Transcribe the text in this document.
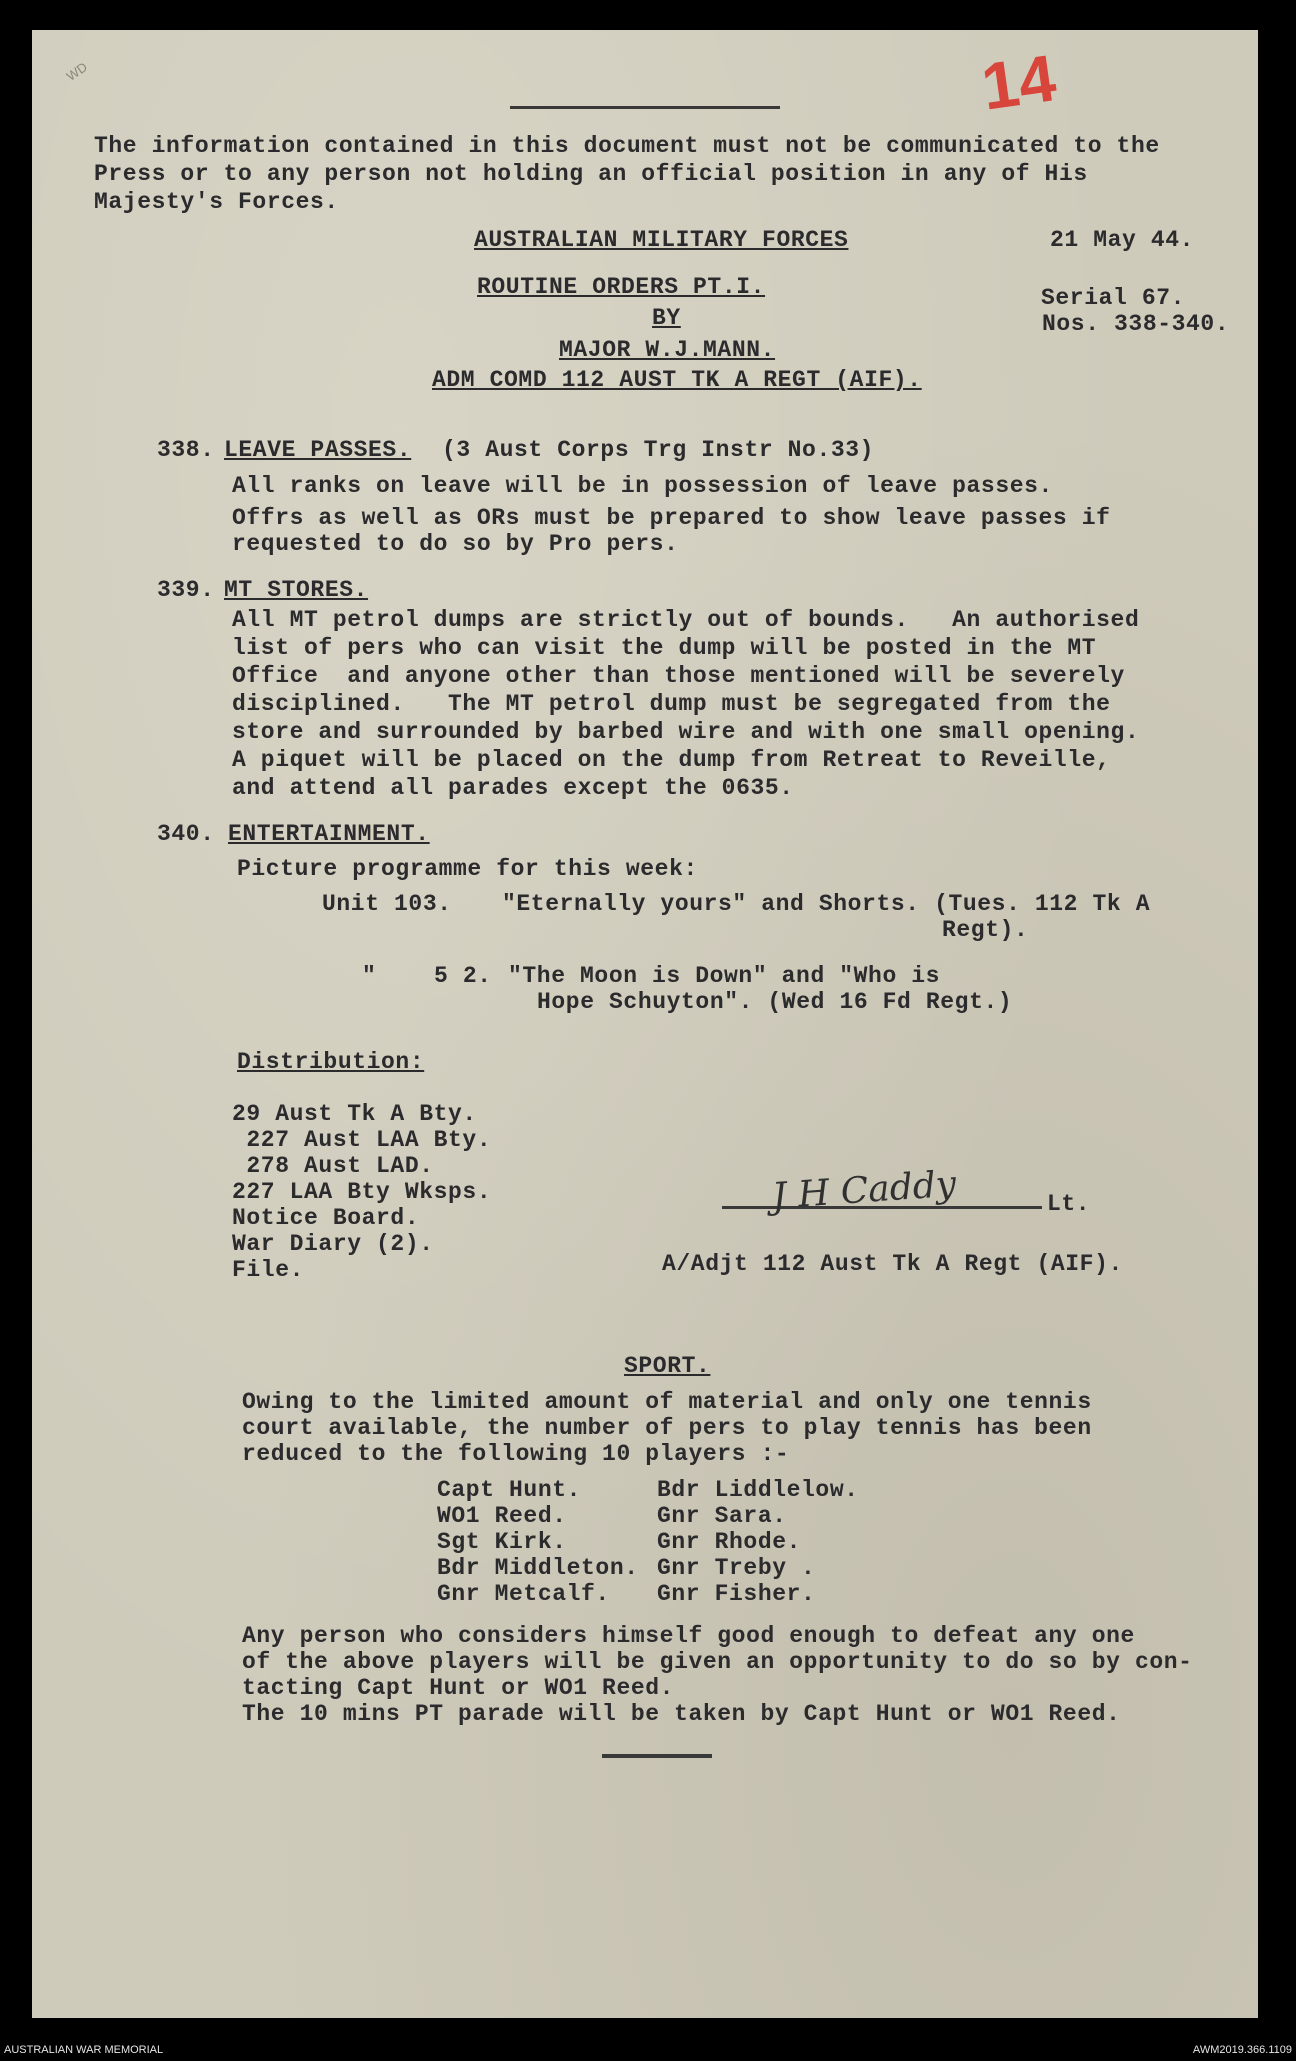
14
WD
The information contained in this document must not be communicated to the
Press or to any person not holding an official position in any of His
Majesty's Forces.
AUSTRALIAN MILITARY FORCES
ROUTINE ORDERS PT.I.
BY
MAJOR W.J.MANN.
ADM COMD 112 AUST TK A REGT (AIF).
21 May 44.
Serial 67.
Nos. 338-340.
338. LEAVE PASSES. (3 Aust Corps Trg Instr No.33)
All ranks on leave will be in possession of leave passes.
Offrs as well as ORs must be prepared to show leave passes if
requested to do so by Pro pers.
339. MT STORES.
All MT petrol dumps are strictly out of bounds.   An authorised
list of pers who can visit the dump will be posted in the MT
Office  and anyone other than those mentioned will be severely
disciplined.   The MT petrol dump must be segregated from the
store and surrounded by barbed wire and with one small opening.
A piquet will be placed on the dump from Retreat to Reveille,
and attend all parades except the 0635.
340. ENTERTAINMENT.
Picture programme for this week:
Unit 103. "Eternally yours" and Shorts. (Tues. 112 Tk A
Regt).
"    5 2. "The Moon is Down" and "Who is
Hope Schuyton". (Wed 16 Fd Regt.)
Distribution:
29 Aust Tk A Bty.
227 Aust LAA Bty.
278 Aust LAD.
227 LAA Bty Wksps.
Notice Board.
War Diary (2).
File.
J H Caddy	Lt.
A/Adjt 112 Aust Tk A Regt (AIF).
SPORT.
Owing to the limited amount of material and only one tennis
court available, the number of pers to play tennis has been
reduced to the following 10 players :-
Capt Hunt.
WO1 Reed.
Sgt Kirk.
Bdr Middleton.
Gnr Metcalf.
Bdr Liddlelow.
Gnr Sara.
Gnr Rhode.
Gnr Treby .
Gnr Fisher.
Any person who considers himself good enough to defeat any one
of the above players will be given an opportunity to do so by con-
tacting Capt Hunt or WO1 Reed.
The 10 mins PT parade will be taken by Capt Hunt or WO1 Reed.
AUSTRALIAN WAR MEMORIAL	AWM2019.366.1109
